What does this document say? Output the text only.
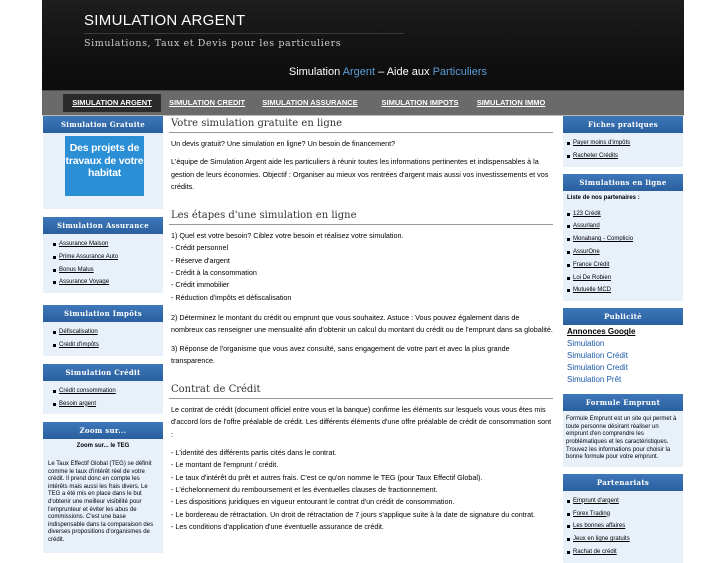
SIMULATION ARGENT
Simulations, Taux et Devis pour les particuliers
Simulation Argent – Aide aux Particuliers
SIMULATION ARGENT	SIMULATION CREDIT	SIMULATION ASSURANCE	SIMULATION IMPOTS	SIMULATION IMMO
Simulation Gratuite
Des projets de travaux de votre habitat
Simulation Assurance
Assurance Maison
Prime Assurance Auto
Bonus Malus
Assurance Voyage
Simulation Impôts
Défiscalisation
Crédit d'impôts
Simulation Crédit
Crédit consommation
Besoin argent
Zoom sur...
Zoom sur... le TEG
Le Taux Effectif Global (TEG) se définit comme le taux d'intérêt réel de votre crédit. Il prend donc en compte les intérêts mais aussi les frais divers. Le TEG a été mis en place dans le but d'obtenir une meilleur visibilité pour l'emprunteur et éviter les abus de commissions. C'est une base indispensable dans la comparaison des diverses propositions d'organismes de crédit.
Votre simulation gratuite en ligne

Un devis gratuit? Une simulation en ligne? Un besoin de financement?

L'équipe de Simulation Argent aide les particuliers à réunir toutes les informations pertinentes et indispensables à la gestion de leurs économies. Objectif : Organiser au mieux vos rentrées d'argent mais aussi vos investissements et vos crédits.

Les étapes d'une simulation en ligne

1) Quel est votre besoin? Ciblez votre besoin et réalisez votre simulation.

- Crédit personnel
- Réserve d'argent
- Crédit à la consommation
- Crédit immobilier
- Réduction d'impôts et défiscalisation

2) Déterminez le montant du crédit ou emprunt que vous souhaitez. Astuce : Vous pouvez également dans de nombreux cas renseigner une mensualité afin d'obtenir un calcul du montant du crédit ou de l'emprunt dans sa globalité.

3) Réponse de l'organisme que vous avez consulté, sans engagement de votre part et avec la plus grande transparence.

Contrat de Crédit

Le contrat de crédit (document officiel entre vous et la banque) confirme les éléments sur lesquels vous vous êtes mis d'accord lors de l'offre préalable de crédit. Les différents éléments d'une offre préalable de crédit de consommation sont :

- L'identité des différents partis cités dans le contrat.
- Le montant de l'emprunt / crédit.
- Le taux d'intérêt du prêt et autres frais. C'est ce qu'on nomme le TEG (pour Taux Effectif Global).
- L'échelonnement du remboursement et les éventuelles clauses de fractionnement.
- Les dispositions juridiques en vigueur entourant le contrat d'un crédit de consommation.
- Le bordereau de rétractation. Un droit de rétractation de 7 jours s'applique suite à la date de signature du contrat.
- Les conditions d'application d'une éventuelle assurance de crédit.
Fiches pratiques
Payer moins d'impôts
Racheter Crédits
Simulations en ligne
Liste de nos partenaires :
123 Crédit
Assurland
Monabang - Complicio
AssurOne
France Crédit
Loi De Robien
Mutuelle MCD
Publicité
Annonces Google
Simulation
Simulation Crédit
Simulation Credit
Simulation Prêt
Formule Emprunt
Formule Emprunt est un site qui permet à toute personne désirant réaliser un emprunt d'en comprendre les problématiques et les caractéristiques. Trouvez les informations pour choisir la bonne formule pour votre emprunt.
Partenariats
Emprunt d'argent
Forex Trading
Les bonnes affaires
Jeux en ligne gratuits
Rachat de crédit
